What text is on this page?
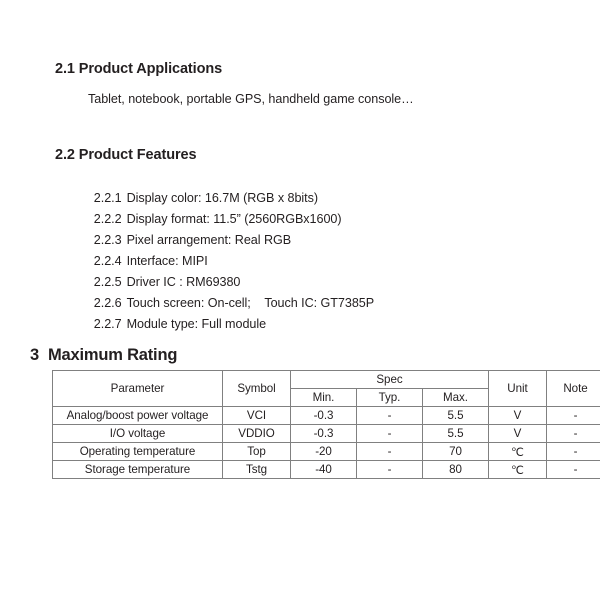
2.1 Product Applications
Tablet, notebook, portable GPS, handheld game console…
2.2 Product Features

2.2.1 Display color: 16.7M (RGB x 8bits)

2.2.2 Display format: 11.5” (2560RGBx1600)

2.2.3 Pixel arrangement: Real RGB

2.2.4 Interface: MIPI

2.2.5 Driver IC : RM69380

2.2.6 Touch screen: On-cell;    Touch IC: GT7385P

2.2.7 Module type: Full module

3 Maximum Rating
Parameter	Symbol	Spec			Unit	Note
		Min.	Typ.	Max.		
Analog/boost power voltage	VCI	-0.3	-	5.5	V	-
I/O voltage	VDDIO	-0.3	-	5.5	V	-
Operating temperature	Top	-20	-	70	℃	-
Storage temperature	Tstg	-40	-	80	℃	-
